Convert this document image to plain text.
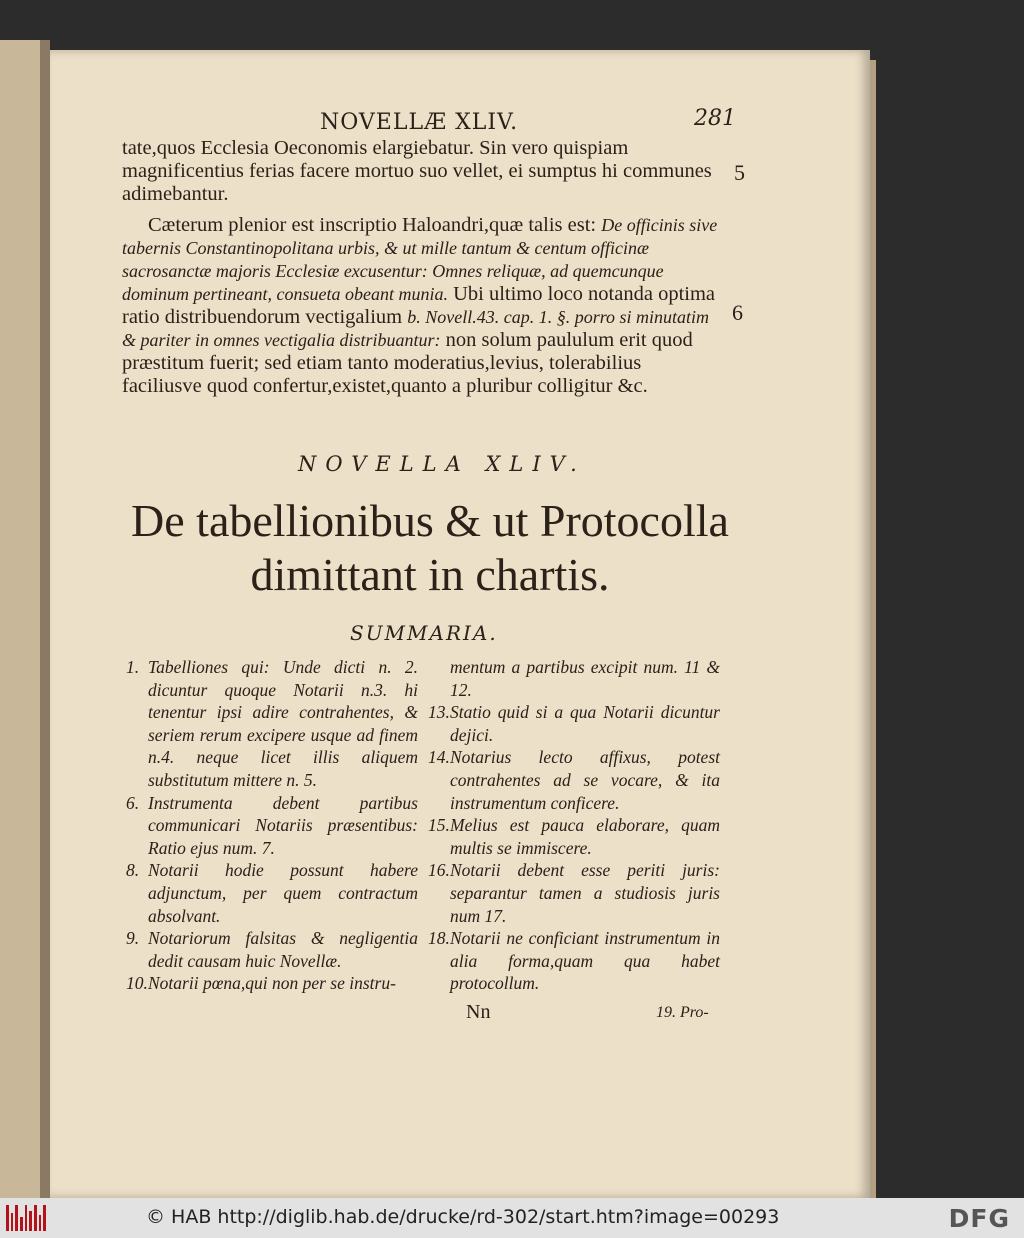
NOVELLÆ XLIV.	281

tate,quos Ecclesia Oeconomis elargiebatur. Sin vero quispiam magnificentius ferias facere mortuo suo vellet, ei sumptus hi communes adimebantur.

5

Cæterum plenior est inscriptio Haloandri,quæ talis est: De officinis sive tabernis Constantinopolitana urbis, & ut mille tantum & centum officinæ sacrosanctæ majoris Ecclesiæ excusentur: Omnes reliquæ, ad quemcunque dominum pertineant, consueta obeant munia. Ubi ultimo loco notanda optima ratio distribuendorum vectigalium b. Novell.43. cap. 1. §. porro si minutatim & pariter in omnes vectigalia distribuantur: non solum paululum erit quod præstitum fuerit; sed etiam tanto moderatius,levius, tolerabilius faciliusve quod confertur,existet,quanto a pluribur colligitur &c.

6
NOVELLA XLIV.
De tabellionibus & ut Protocolla
dimittant in chartis.
SUMMARIA.
1. Tabelliones qui: Unde dicti n. 2. dicuntur quoque Notarii n.3. hi tenentur ipsi adire contrahentes, & seriem rerum excipere usque ad finem n.4. neque licet illis aliquem substitutum mittere n. 5.
6. Instrumenta debent partibus communicari Notariis præsentibus: Ratio ejus num. 7.
8. Notarii hodie possunt habere adjunctum, per quem contractum absolvant.
9. Notariorum falsitas & negligentia dedit causam huic Novellæ.
10. Notarii pœna,qui non per se instru-
mentum a partibus excipit num. 11 & 12.
13. Statio quid si a qua Notarii dicuntur dejici.
14. Notarius lecto affixus, potest contrahentes ad se vocare, & ita instrumentum conficere.
15. Melius est pauca elaborare, quam multis se immiscere.
16. Notarii debent esse periti juris: separantur tamen a studiosis juris num 17.
18. Notarii ne conficiant instrumentum in alia forma,quam qua habet protocollum.
Nn	19. Pro-
© HAB http://diglib.hab.de/drucke/rd-302/start.htm?image=00293	DFG
